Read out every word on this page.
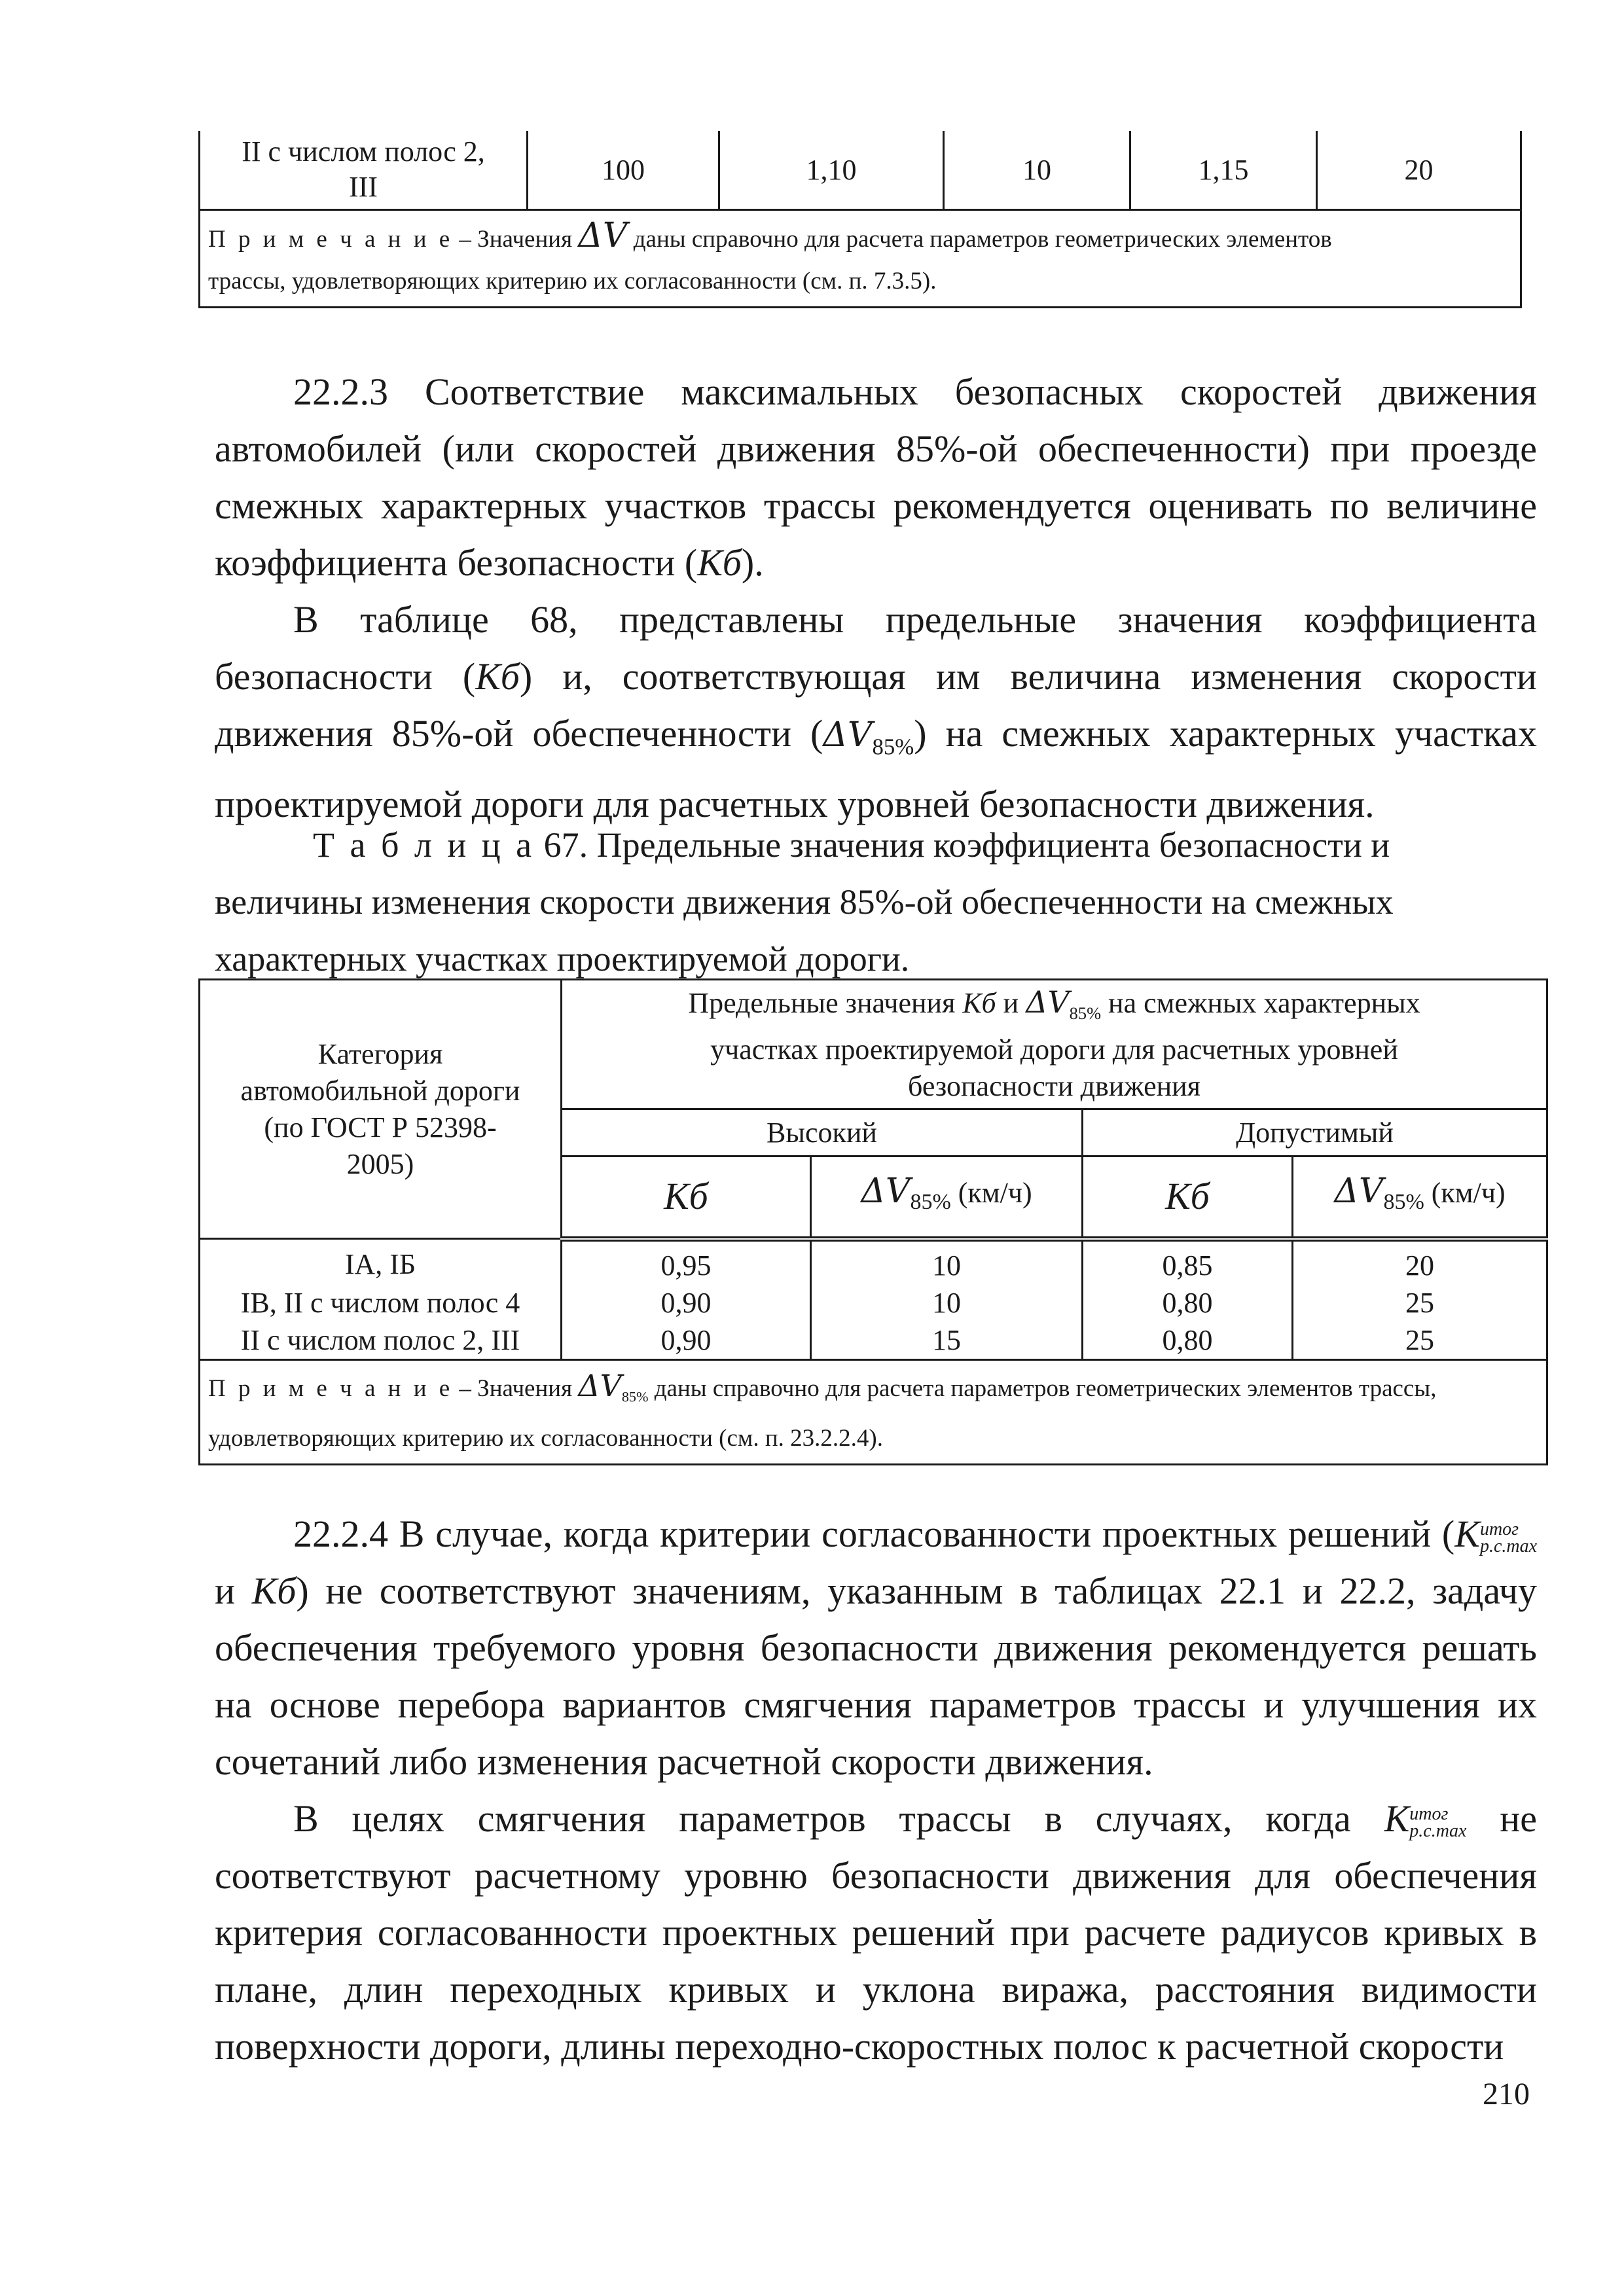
II с числом полос 2,
III	100	1,10	10	1,15	20
П р и м е ч а н и е – Значения ΔV даны справочно для расчета параметров геометрических элементов
трассы, удовлетворяющих критерию их согласованности (см. п. 7.3.5).

22.2.3 Соответствие максимальных безопасных скоростей движения автомобилей (или скоростей движения 85%-ой обеспеченности) при проезде смежных характерных участков трассы рекомендуется оценивать по величине коэффициента безопасности (Кб).

В таблице 68, представлены предельные значения коэффициента безопасности (Кб) и, соответствующая им величина изменения скорости движения 85%-ой обеспеченности $(\Delta V_{85\%})$ на смежных характерных участках проектируемой дороги для расчетных уровней безопасности движения.

Т а б л и ц а 67. Предельные значения коэффициента безопасности и
величины изменения скорости движения 85%-ой обеспеченности на смежных
характерных участках проектируемой дороги.

Категория
автомобильной дороги
(по ГОСТ Р 52398-
2005)	Предельные значения Кб и $\Delta V_{85\%}$ на смежных характерных
участках проектируемой дороги для расчетных уровней
безопасности движения			
	Высокий		Допустимый	
	Кб	$\Delta V_{85\%}$ (км/ч)	Кб	$\Delta V_{85\%}$ (км/ч)
IА, IБ	0,95	10	0,85	20
IВ, II с числом полос 4	0,90	10	0,80	25
II с числом полос 2, III	0,90	15	0,80	25
П р и м е ч а н и е – Значения $\Delta V_{85\%}$ даны справочно для расчета параметров геометрических элементов трассы,
удовлетворяющих критерию их согласованности (см. п. 23.2.2.4).				

22.2.4 В случае, когда критерии согласованности проектных решений (Kитог
р.с.maxи Кб) не соответствуют значениям, указанным в таблицах 22.1 и 22.2, задачу обеспечения требуемого уровня безопасности движения рекомендуется решать на основе перебора вариантов смягчения параметров трассы и улучшения их сочетаний либо изменения расчетной скорости движения.

В целях смягчения параметров трассы в случаях, когда Kитог
р.с.max не соответствуют расчетному уровню безопасности движения для обеспечения критерия согласованности проектных решений при расчете радиусов кривых в плане, длин переходных кривых и уклона виража, расстояния видимости поверхности дороги, длины переходно-скоростных полос к расчетной скорости

210
